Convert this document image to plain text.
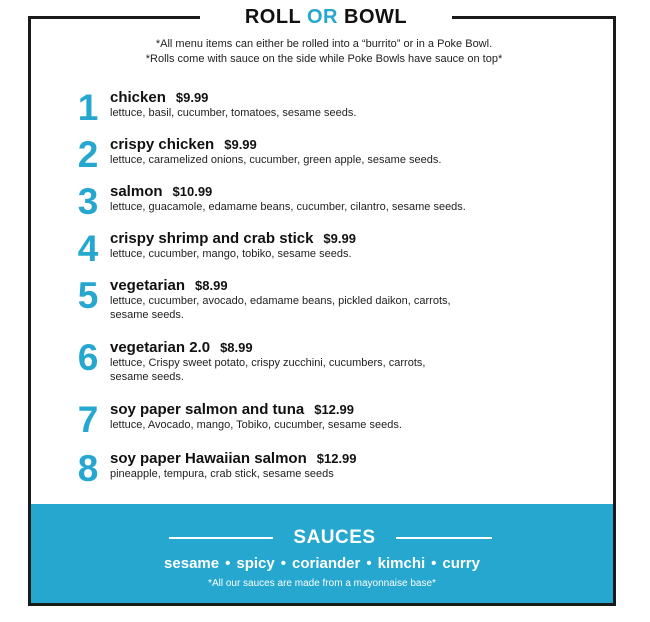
ROLL OR BOWL
*All menu items can either be rolled into a “burrito” or in a Poke Bowl.
*Rolls come with sauce on the side while Poke Bowls have sauce on top*
1 chicken $9.99
lettuce, basil, cucumber, tomatoes, sesame seeds.
2 crispy chicken $9.99
lettuce, caramelized onions, cucumber, green apple, sesame seeds.
3 salmon $10.99
lettuce, guacamole, edamame beans, cucumber, cilantro, sesame seeds.
4 crispy shrimp and crab stick $9.99
lettuce, cucumber, mango, tobiko, sesame seeds.
5 vegetarian $8.99
lettuce, cucumber, avocado, edamame beans, pickled daikon, carrots,
sesame seeds.
6 vegetarian 2.0 $8.99
lettuce, Crispy sweet potato, crispy zucchini, cucumbers, carrots,
sesame seeds.
7 soy paper salmon and tuna $12.99
lettuce, Avocado, mango, Tobiko, cucumber, sesame seeds.
8 soy paper Hawaiian salmon $12.99
pineapple, tempura, crab stick, sesame seeds
SAUCES
sesame • spicy • coriander • kimchi • curry
*All our sauces are made from a mayonnaise base*
